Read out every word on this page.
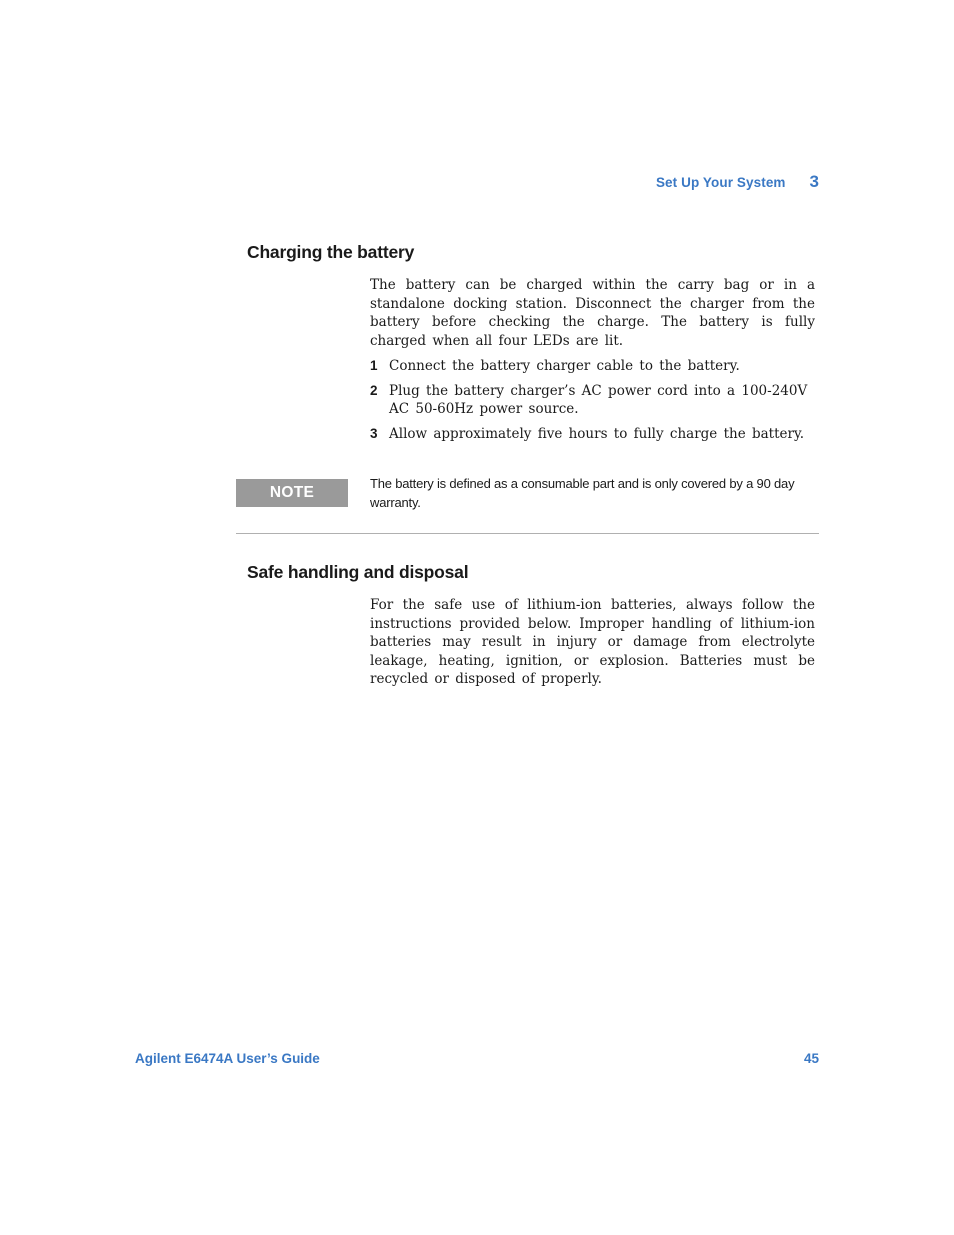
Set Up Your System 3
Charging the battery

The battery can be charged within the carry bag or in a standalone docking station. Disconnect the charger from the battery before checking the charge. The battery is fully charged when all four LEDs are lit.

1 Connect the battery charger cable to the battery.
2 Plug the battery charger’s AC power cord into a 100-240V AC 50-60Hz power source.
3 Allow approximately five hours to fully charge the battery.
NOTE

The battery is defined as a consumable part and is only covered by a 90 day warranty.

Safe handling and disposal

For the safe use of lithium-ion batteries, always follow the instructions provided below. Improper handling of lithium-ion batteries may result in injury or damage from electrolyte leakage, heating, ignition, or explosion. Batteries must be recycled or disposed of properly.

Agilent E6474A User’s Guide	45
